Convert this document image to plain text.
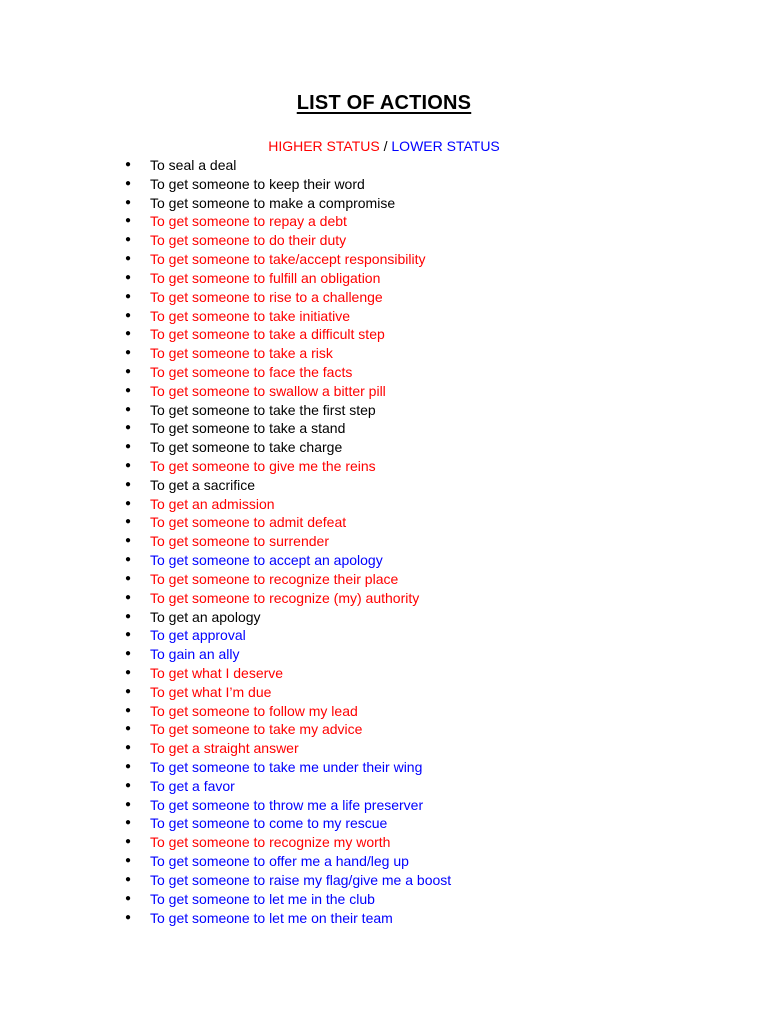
LIST OF ACTIONS
HIGHER STATUS / LOWER STATUS
● To seal a deal
● To get someone to keep their word
● To get someone to make a compromise
● To get someone to repay a debt
● To get someone to do their duty
● To get someone to take/accept responsibility
● To get someone to fulfill an obligation
● To get someone to rise to a challenge
● To get someone to take initiative
● To get someone to take a difficult step
● To get someone to take a risk
● To get someone to face the facts
● To get someone to swallow a bitter pill
● To get someone to take the first step
● To get someone to take a stand
● To get someone to take charge
● To get someone to give me the reins
● To get a sacrifice
● To get an admission
● To get someone to admit defeat
● To get someone to surrender
● To get someone to accept an apology
● To get someone to recognize their place
● To get someone to recognize (my) authority
● To get an apology
● To get approval
● To gain an ally
● To get what I deserve
● To get what I’m due
● To get someone to follow my lead
● To get someone to take my advice
● To get a straight answer
● To get someone to take me under their wing
● To get a favor
● To get someone to throw me a life preserver
● To get someone to come to my rescue
● To get someone to recognize my worth
● To get someone to offer me a hand/leg up
● To get someone to raise my flag/give me a boost
● To get someone to let me in the club
● To get someone to let me on their team
